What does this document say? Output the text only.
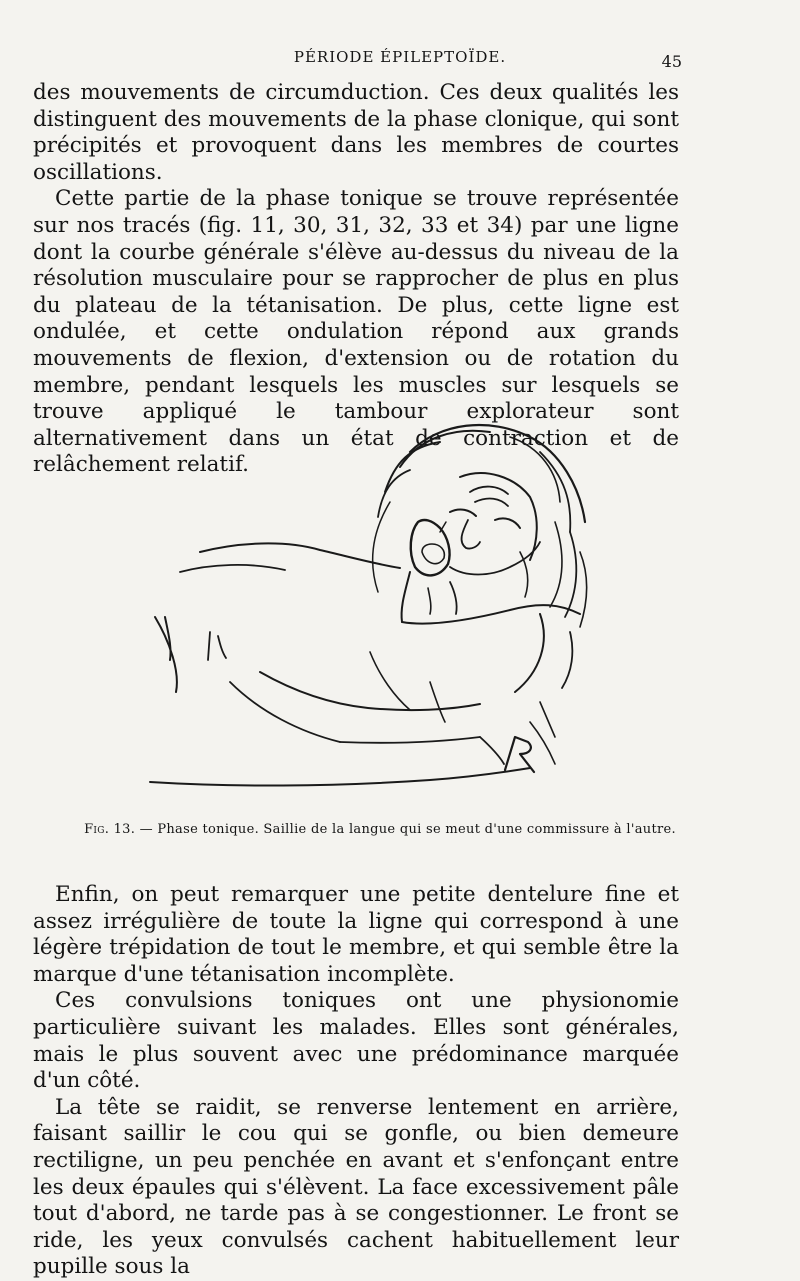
PÉRIODE ÉPILEPTOÏDE.	45

des mouvements de circumduction. Ces deux qualités les distinguent des mouvements de la phase clonique, qui sont précipités et provoquent dans les membres de courtes oscillations.

Cette partie de la phase tonique se trouve représentée sur nos tracés (fig. 11, 30, 31, 32, 33 et 34) par une ligne dont la courbe générale s'élève au-dessus du niveau de la résolution musculaire pour se rapprocher de plus en plus du plateau de la tétanisation. De plus, cette ligne est ondulée, et cette ondulation répond aux grands mouvements de flexion, d'extension ou de rotation du membre, pendant lesquels les muscles sur lesquels se trouve appliqué le tambour explorateur sont alternativement dans un état de contraction et de relâchement relatif.

Fig. 13. — Phase tonique. Saillie de la langue qui se meut d'une commissure à l'autre.

Enfin, on peut remarquer une petite dentelure fine et assez irrégulière de toute la ligne qui correspond à une légère trépidation de tout le membre, et qui semble être la marque d'une tétanisation incomplète.

Ces convulsions toniques ont une physionomie particulière suivant les malades. Elles sont générales, mais le plus souvent avec une prédominance marquée d'un côté.

La tête se raidit, se renverse lentement en arrière, faisant saillir le cou qui se gonfle, ou bien demeure rectiligne, un peu penchée en avant et s'enfonçant entre les deux épaules qui s'élèvent. La face excessivement pâle tout d'abord, ne tarde pas à se congestionner. Le front se ride, les yeux convulsés cachent habituellement leur pupille sous la
